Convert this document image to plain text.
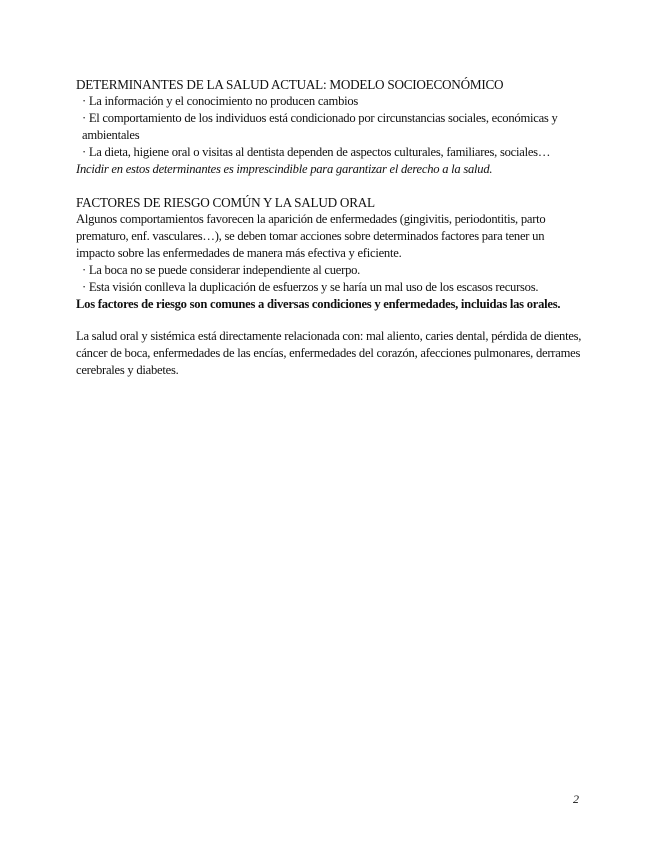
DETERMINANTES DE LA SALUD ACTUAL: MODELO SOCIOECONÓMICO

· La información y el conocimiento no producen cambios

· El comportamiento de los individuos está condicionado por circunstancias sociales, económicas y ambientales

· La dieta, higiene oral o visitas al dentista dependen de aspectos culturales, familiares, sociales…

Incidir en estos determinantes es imprescindible para garantizar el derecho a la salud.

FACTORES DE RIESGO COMÚN Y LA SALUD ORAL

Algunos comportamientos favorecen la aparición de enfermedades (gingivitis, periodontitis, parto prematuro, enf. vasculares…), se deben tomar acciones sobre determinados factores para tener un impacto sobre las enfermedades de manera más efectiva y eficiente.

· La boca no se puede considerar independiente al cuerpo.

· Esta visión conlleva la duplicación de esfuerzos y se haría un mal uso de los escasos recursos.

Los factores de riesgo son comunes a diversas condiciones y enfermedades, incluidas las orales.

La salud oral y sistémica está directamente relacionada con: mal aliento, caries dental, pérdida de dientes, cáncer de boca, enfermedades de las encías, enfermedades del corazón, afecciones pulmonares, derrames cerebrales y diabetes.

2
